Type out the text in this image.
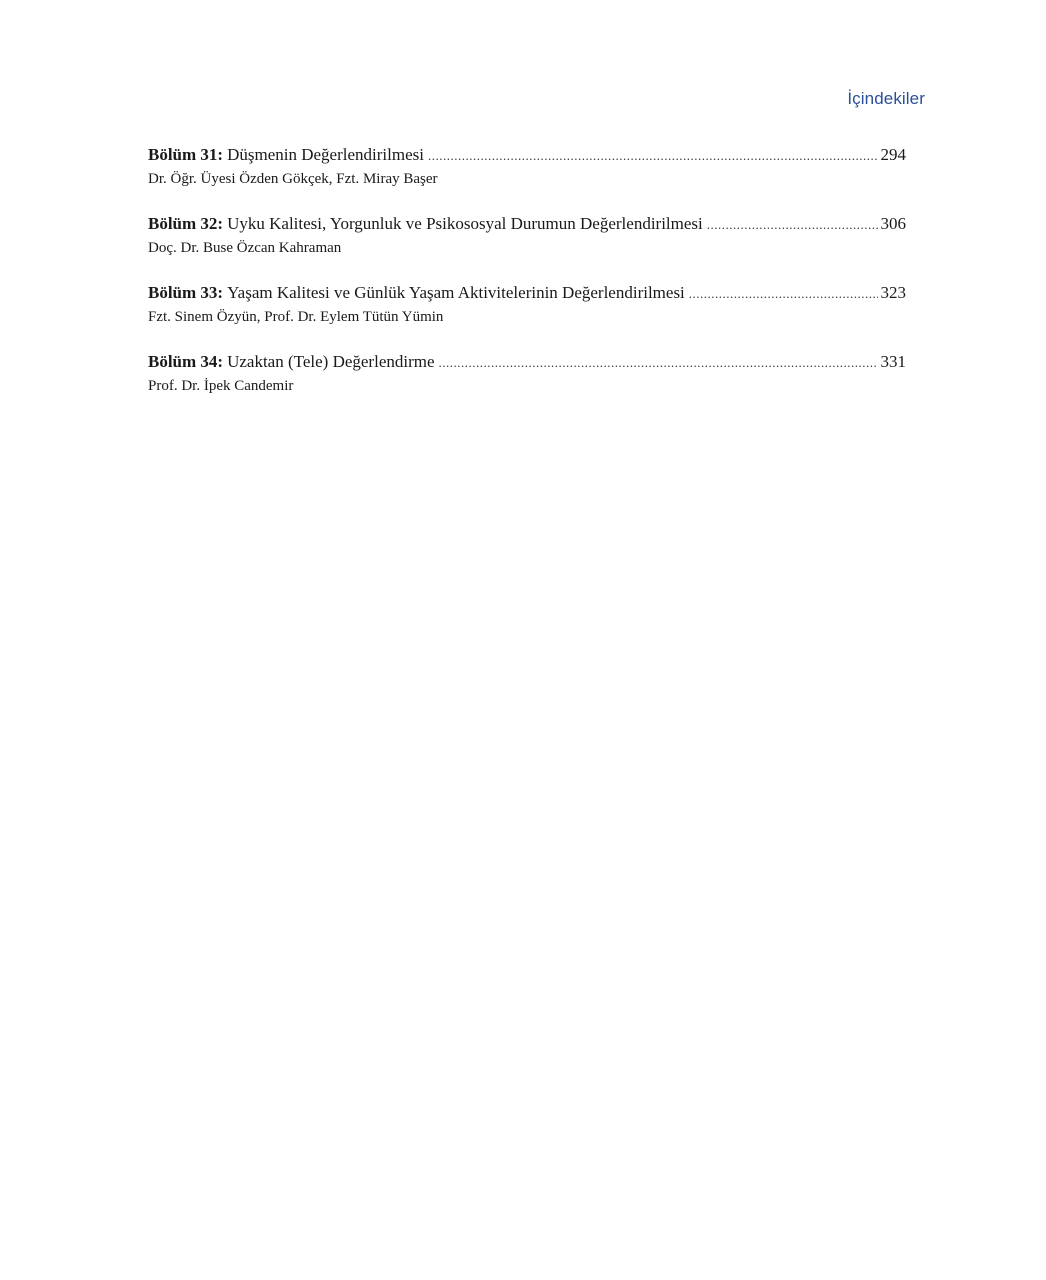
İçindekiler
Bölüm 31: Düşmenin Değerlendirilmesi .....	294
Dr. Öğr. Üyesi Özden Gökçek, Fzt. Miray Başer
Bölüm 32: Uyku Kalitesi, Yorgunluk ve Psikososyal Durumun Değerlendirilmesi .....	306
Doç. Dr. Buse Özcan Kahraman
Bölüm 33: Yaşam Kalitesi ve Günlük Yaşam Aktivitelerinin Değerlendirilmesi .....	323
Fzt. Sinem Özyün, Prof. Dr. Eylem Tütün Yümin
Bölüm 34: Uzaktan (Tele) Değerlendirme .....	331
Prof. Dr. İpek Candemir
